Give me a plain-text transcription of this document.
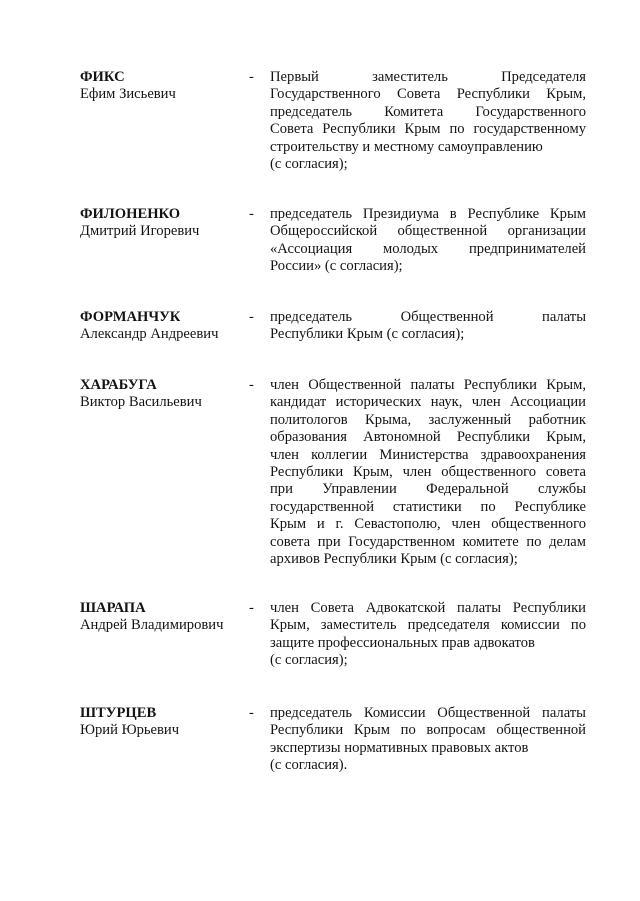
ФИКС
Ефим Зисьевич
- Первый заместитель Председателя
Государственного Совета Республики Крым,
председатель Комитета Государственного
Совета Республики Крым по государственному
строительству и местному самоуправлению
(с согласия);
ФИЛОНЕНКО
Дмитрий Игоревич
- председатель Президиума в Республике Крым
Общероссийской общественной организации
«Ассоциация молодых предпринимателей
России» (с согласия);
ФОРМАНЧУК
Александр Андреевич
- председатель Общественной палаты
Республики Крым (с согласия);
ХАРАБУГА
Виктор Васильевич
- член Общественной палаты Республики Крым,
кандидат исторических наук, член Ассоциации
политологов Крыма, заслуженный работник
образования Автономной Республики Крым,
член коллегии Министерства здравоохранения
Республики Крым, член общественного совета
при Управлении Федеральной службы
государственной статистики по Республике
Крым и г. Севастополю, член общественного
совета при Государственном комитете по делам
архивов Республики Крым (с согласия);
ШАРАПА
Андрей Владимирович
- член Совета Адвокатской палаты Республики
Крым, заместитель председателя комиссии по
защите профессиональных прав адвокатов
(с согласия);
ШТУРЦЕВ
Юрий Юрьевич
- председатель Комиссии Общественной палаты
Республики Крым по вопросам общественной
экспертизы нормативных правовых актов
(с согласия).
